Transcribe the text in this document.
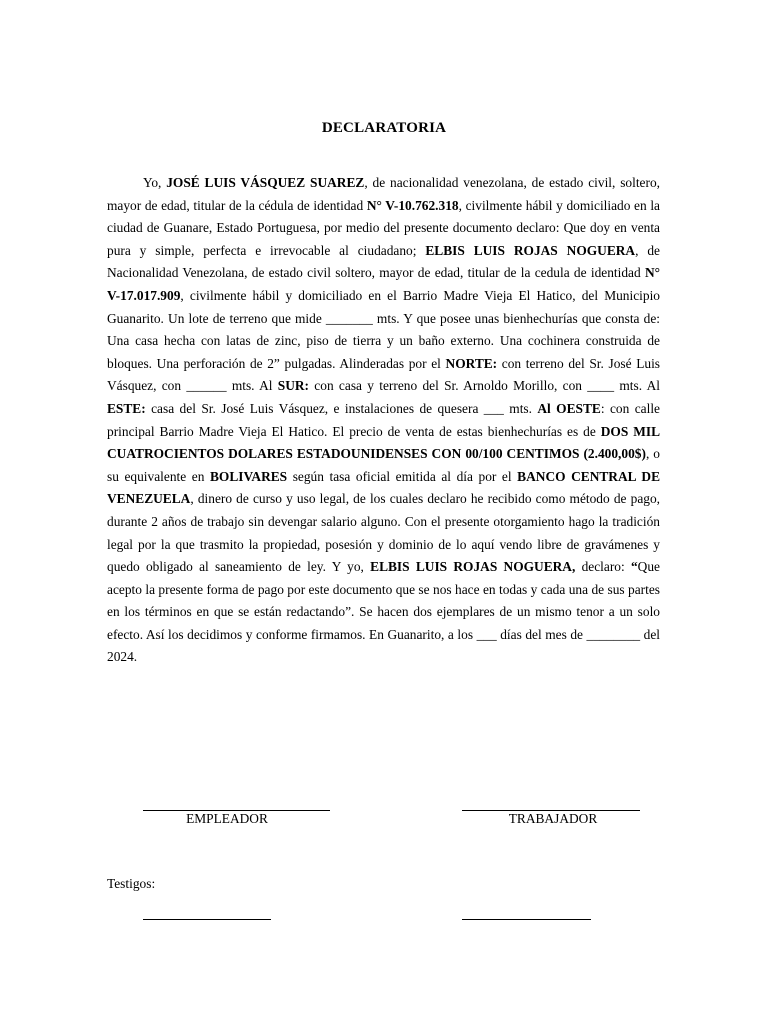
DECLARATORIA

Yo, JOSÉ LUIS VÁSQUEZ SUAREZ, de nacionalidad venezolana, de estado civil, soltero, mayor de edad, titular de la cédula de identidad N° V-10.762.318, civilmente hábil y domiciliado en la ciudad de Guanare, Estado Portuguesa, por medio del presente documento declaro: Que doy en venta pura y simple, perfecta e irrevocable al ciudadano; ELBIS LUIS ROJAS NOGUERA, de Nacionalidad Venezolana, de estado civil soltero, mayor de edad, titular de la cedula de identidad N° V-17.017.909, civilmente hábil y domiciliado en el Barrio Madre Vieja El Hatico, del Municipio Guanarito. Un lote de terreno que mide _______ mts. Y que posee unas bienhechurías que consta de: Una casa hecha con latas de zinc, piso de tierra y un baño externo. Una cochinera construida de bloques. Una perforación de 2” pulgadas. Alinderadas por el NORTE: con terreno del Sr. José Luis Vásquez, con ______ mts. Al SUR: con casa y terreno del Sr. Arnoldo Morillo, con ____ mts. Al ESTE: casa del Sr. José Luis Vásquez, e instalaciones de quesera ___ mts. Al OESTE: con calle principal Barrio Madre Vieja El Hatico. El precio de venta de estas bienhechurías es de DOS MIL CUATROCIENTOS DOLARES ESTADOUNIDENSES CON 00/100 CENTIMOS (2.400,00$), o su equivalente en BOLIVARES según tasa oficial emitida al día por el BANCO CENTRAL DE VENEZUELA, dinero de curso y uso legal, de los cuales declaro he recibido como método de pago, durante 2 años de trabajo sin devengar salario alguno. Con el presente otorgamiento hago la tradición legal por la que trasmito la propiedad, posesión y dominio de lo aquí vendo libre de gravámenes y quedo obligado al saneamiento de ley. Y yo, ELBIS LUIS ROJAS NOGUERA, declaro: “Que acepto la presente forma de pago por este documento que se nos hace en todas y cada una de sus partes en los términos en que se están redactando”. Se hacen dos ejemplares de un mismo tenor a un solo efecto. Así los decidimos y conforme firmamos. En Guanarito, a los ___ días del mes de ________ del 2024.

EMPLEADOR	TRABAJADOR
Testigos:
